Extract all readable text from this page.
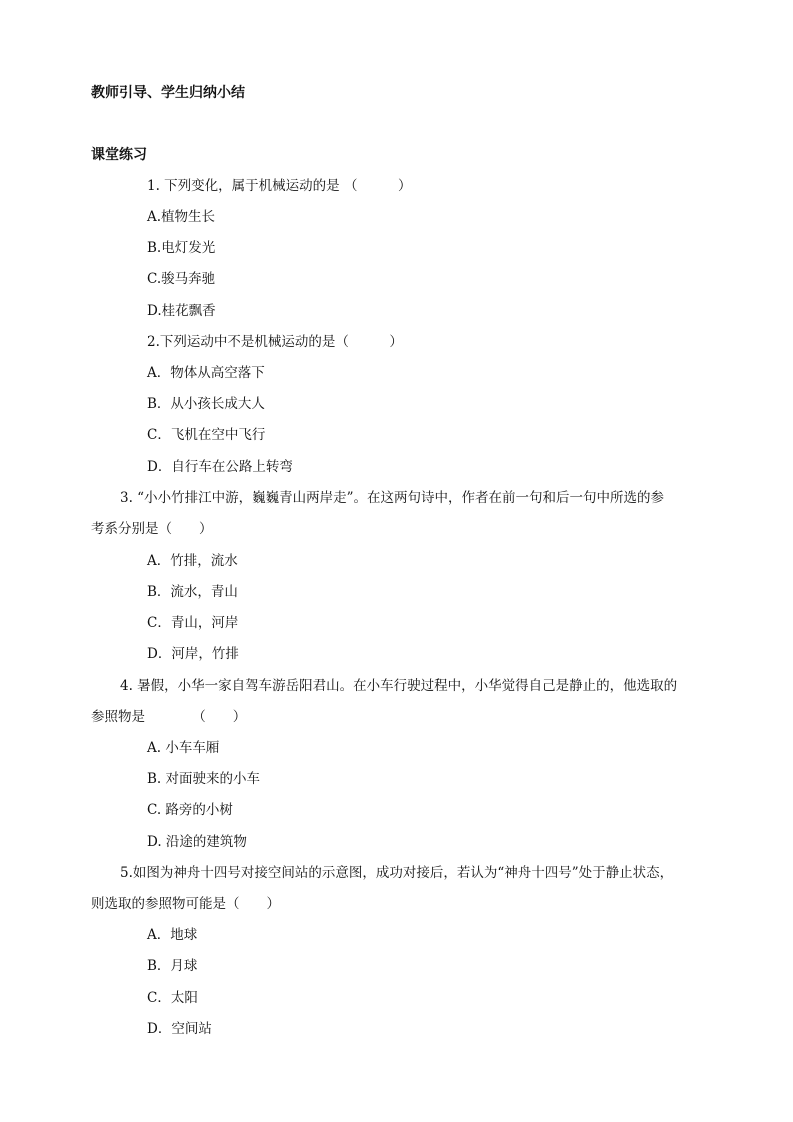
教师引导、学生归纳小结
课堂练习
1. 下列变化，属于机械运动的是 （　　　）
A.植物生长
B.电灯发光
C.骏马奔驰
D.桂花飘香
2.下列运动中不是机械运动的是（　　　）
A．物体从高空落下
B．从小孩长成大人
C．飞机在空中飞行
D．自行车在公路上转弯
3. “小小竹排江中游，巍巍青山两岸走”。在这两句诗中，作者在前一句和后一句中所选的参
考系分别是（　　）
A．竹排，流水
B．流水，青山
C．青山，河岸
D．河岸，竹排
4. 暑假，小华一家自驾车游岳阳君山。在小车行驶过程中，小华觉得自己是静止的，他选取的
参照物是　　　　（　　）
A. 小车车厢
B. 对面驶来的小车
C. 路旁的小树
D. 沿途的建筑物
5.如图为神舟十四号对接空间站的示意图，成功对接后，若认为“神舟十四号”处于静止状态，
则选取的参照物可能是（　　）
A．地球
B．月球
C．太阳
D．空间站
